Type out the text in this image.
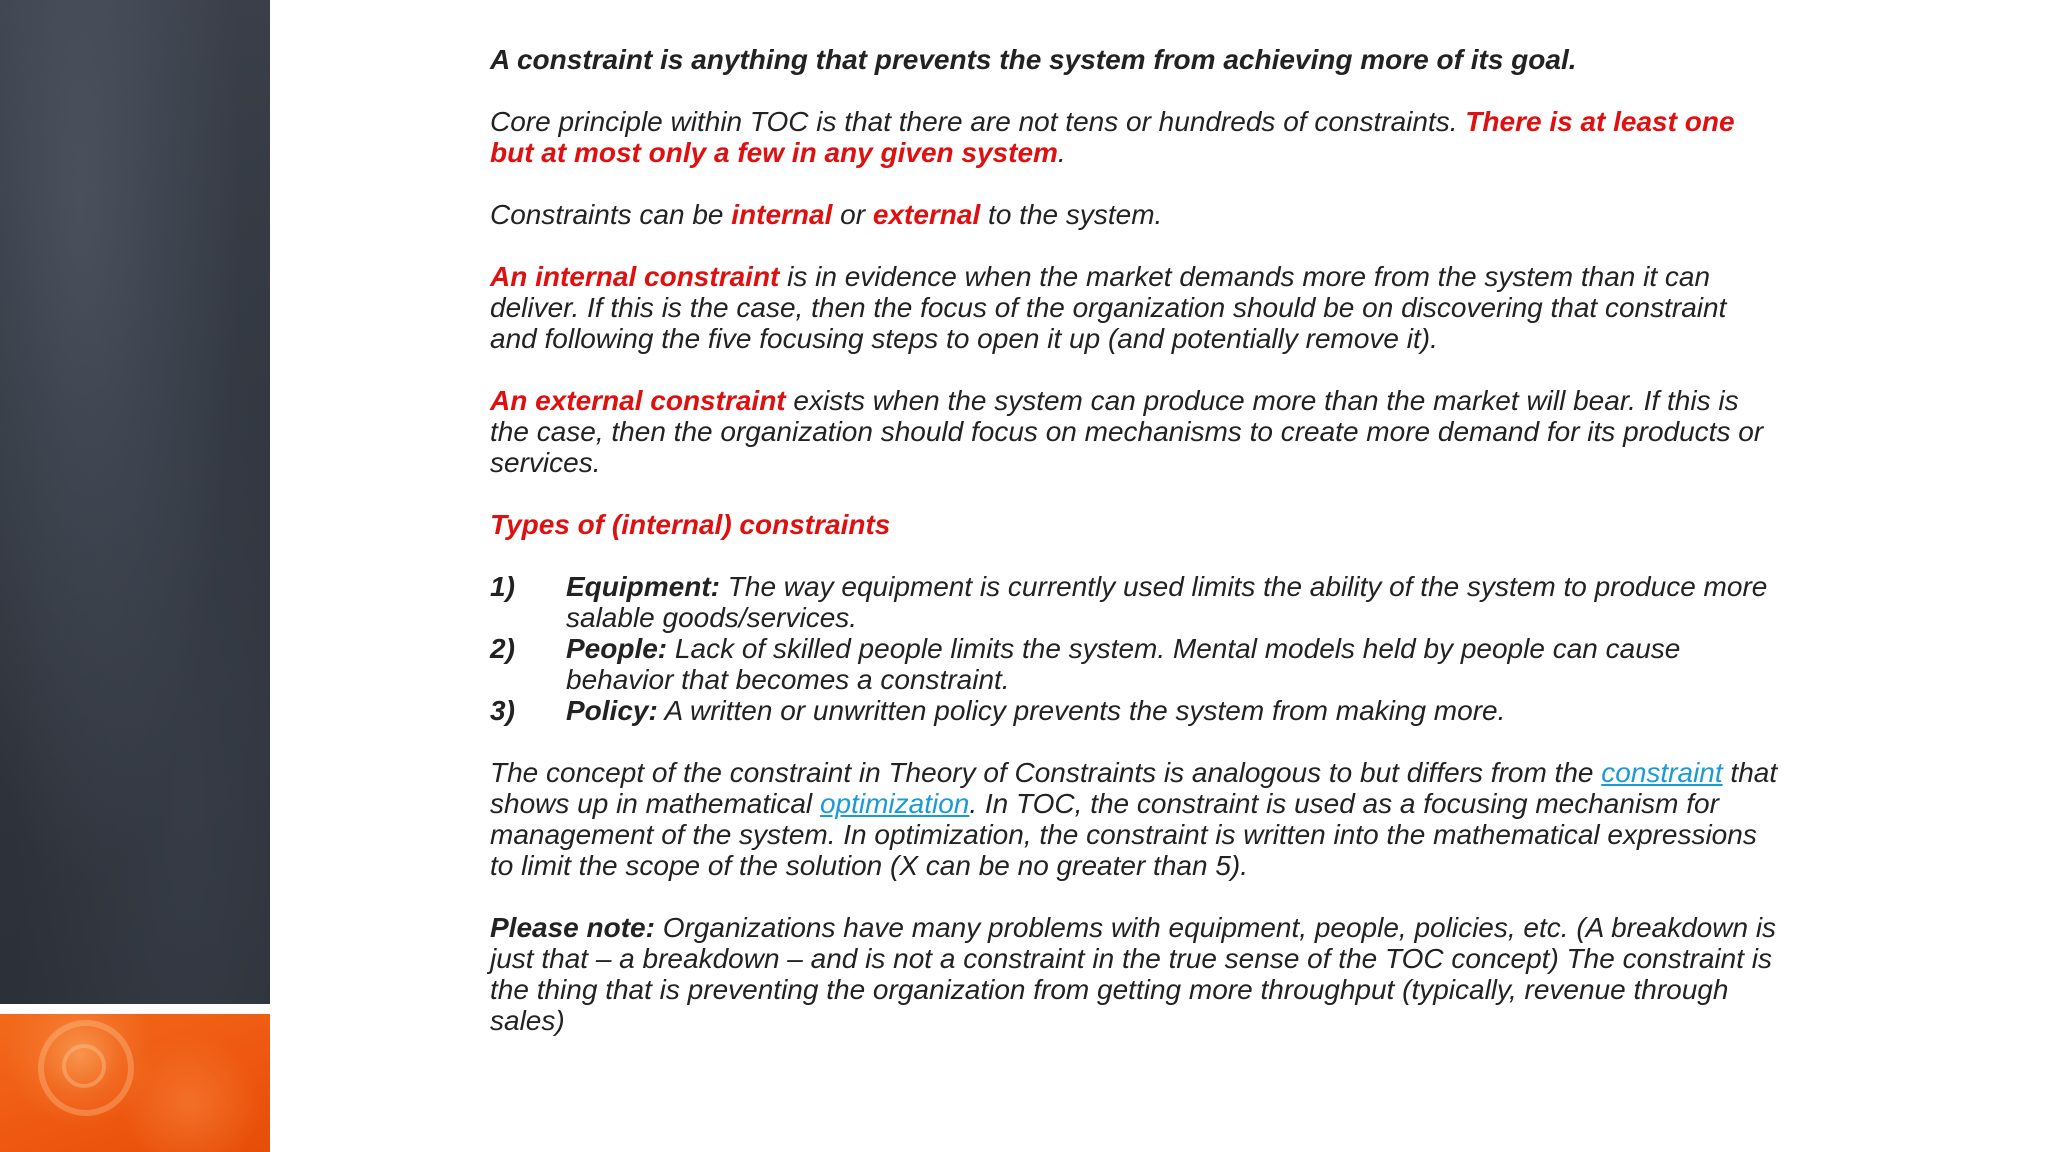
A constraint is anything that prevents the system from achieving more of its goal.

Core principle within TOC is that there are not tens or hundreds of constraints. There is at least one but at most only a few in any given system.

Constraints can be internal or external to the system.

An internal constraint is in evidence when the market demands more from the system than it can deliver. If this is the case, then the focus of the organization should be on discovering that constraint and following the five focusing steps to open it up (and potentially remove it).

An external constraint exists when the system can produce more than the market will bear. If this is the case, then the organization should focus on mechanisms to create more demand for its products or services.

Types of (internal) constraints

1)	Equipment: The way equipment is currently used limits the ability of the system to produce more salable goods/services.
2)	People: Lack of skilled people limits the system. Mental models held by people can cause behavior that becomes a constraint.
3)	Policy: A written or unwritten policy prevents the system from making more.

The concept of the constraint in Theory of Constraints is analogous to but differs from the constraint that shows up in mathematical optimization. In TOC, the constraint is used as a focusing mechanism for management of the system. In optimization, the constraint is written into the mathematical expressions to limit the scope of the solution (X can be no greater than 5).

Please note: Organizations have many problems with equipment, people, policies, etc. (A breakdown is just that – a breakdown – and is not a constraint in the true sense of the TOC concept) The constraint is the thing that is preventing the organization from getting more throughput (typically, revenue through sales)
